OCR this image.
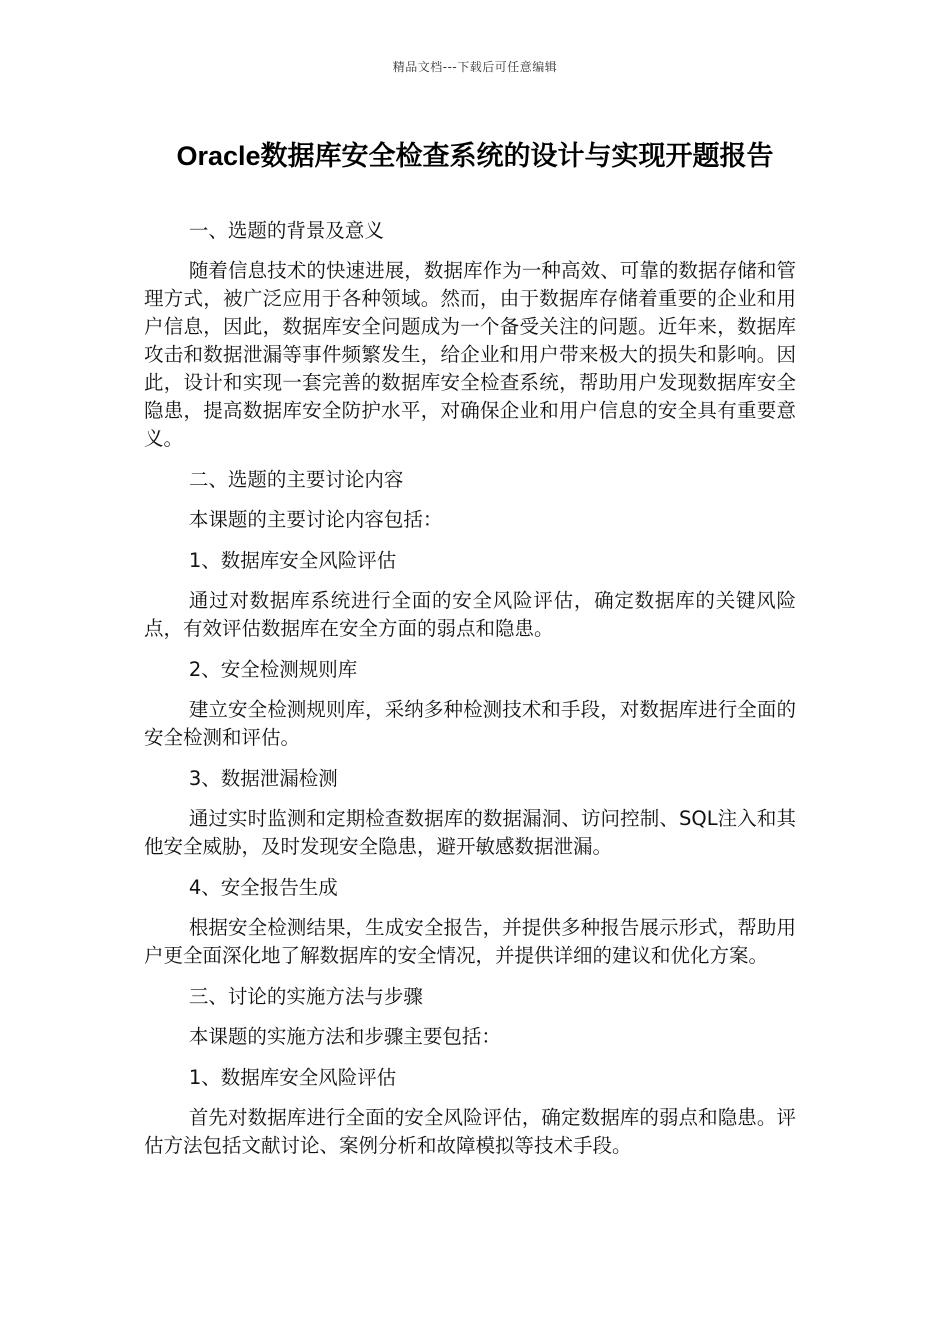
精品文档---下载后可任意编辑
Oracle数据库安全检查系统的设计与实现开题报告

一、选题的背景及意义

随着信息技术的快速进展，数据库作为一种高效、可靠的数据存储和管理方式，被广泛应用于各种领域。然而，由于数据库存储着重要的企业和用户信息，因此，数据库安全问题成为一个备受关注的问题。近年来，数据库攻击和数据泄漏等事件频繁发生，给企业和用户带来极大的损失和影响。因此，设计和实现一套完善的数据库安全检查系统，帮助用户发现数据库安全隐患，提高数据库安全防护水平，对确保企业和用户信息的安全具有重要意义。

二、选题的主要讨论内容

本课题的主要讨论内容包括：

1、数据库安全风险评估

通过对数据库系统进行全面的安全风险评估，确定数据库的关键风险点，有效评估数据库在安全方面的弱点和隐患。

2、安全检测规则库

建立安全检测规则库，采纳多种检测技术和手段，对数据库进行全面的安全检测和评估。

3、数据泄漏检测

通过实时监测和定期检查数据库的数据漏洞、访问控制、SQL注入和其他安全威胁，及时发现安全隐患，避开敏感数据泄漏。

4、安全报告生成

根据安全检测结果，生成安全报告，并提供多种报告展示形式，帮助用户更全面深化地了解数据库的安全情况，并提供详细的建议和优化方案。

三、讨论的实施方法与步骤

本课题的实施方法和步骤主要包括：

1、数据库安全风险评估

首先对数据库进行全面的安全风险评估，确定数据库的弱点和隐患。评估方法包括文献讨论、案例分析和故障模拟等技术手段。
